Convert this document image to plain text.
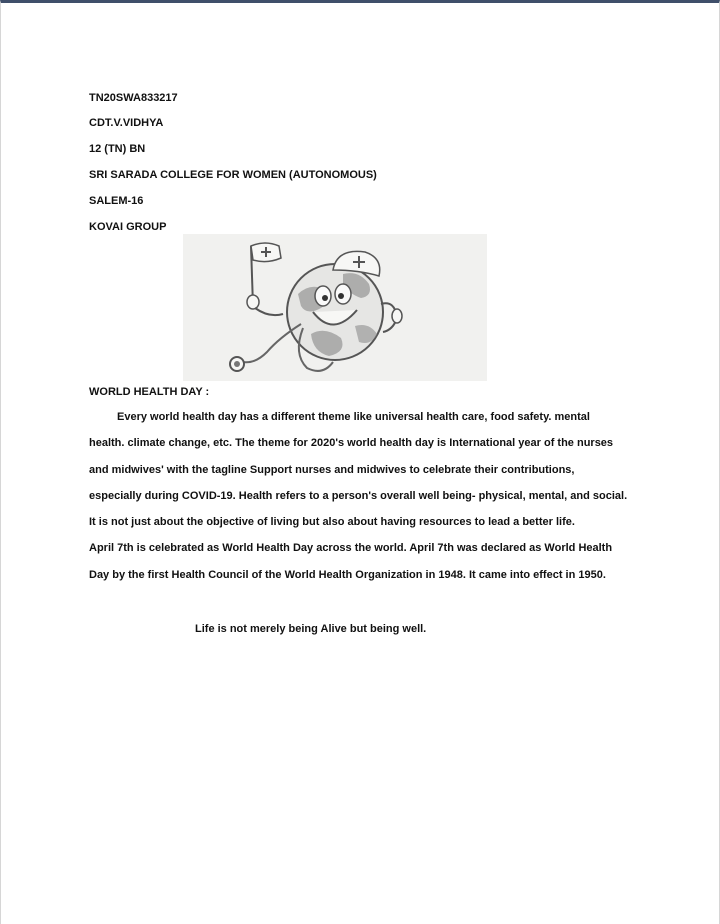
TN20SWA833217
CDT.V.VIDHYA
12 (TN) BN
SRI SARADA COLLEGE FOR WOMEN (AUTONOMOUS)
SALEM-16
KOVAI GROUP
WORLD HEALTH DAY :
Every world health day has a different theme like universal health care, food safety. mental
health. climate change, etc. The theme for 2020's world health day is International year of the nurses
and midwives' with the tagline Support nurses and midwives to celebrate their contributions,
especially during COVID-19. Health refers to a person's overall well being- physical, mental, and social.
It is not just about the objective of living but also about having resources to lead a better life.
April 7th is celebrated as World Health Day across the world. April 7th was declared as World Health
Day by the first Health Council of the World Health Organization in 1948. It came into effect in 1950.
Life is not merely being Alive but being well.
